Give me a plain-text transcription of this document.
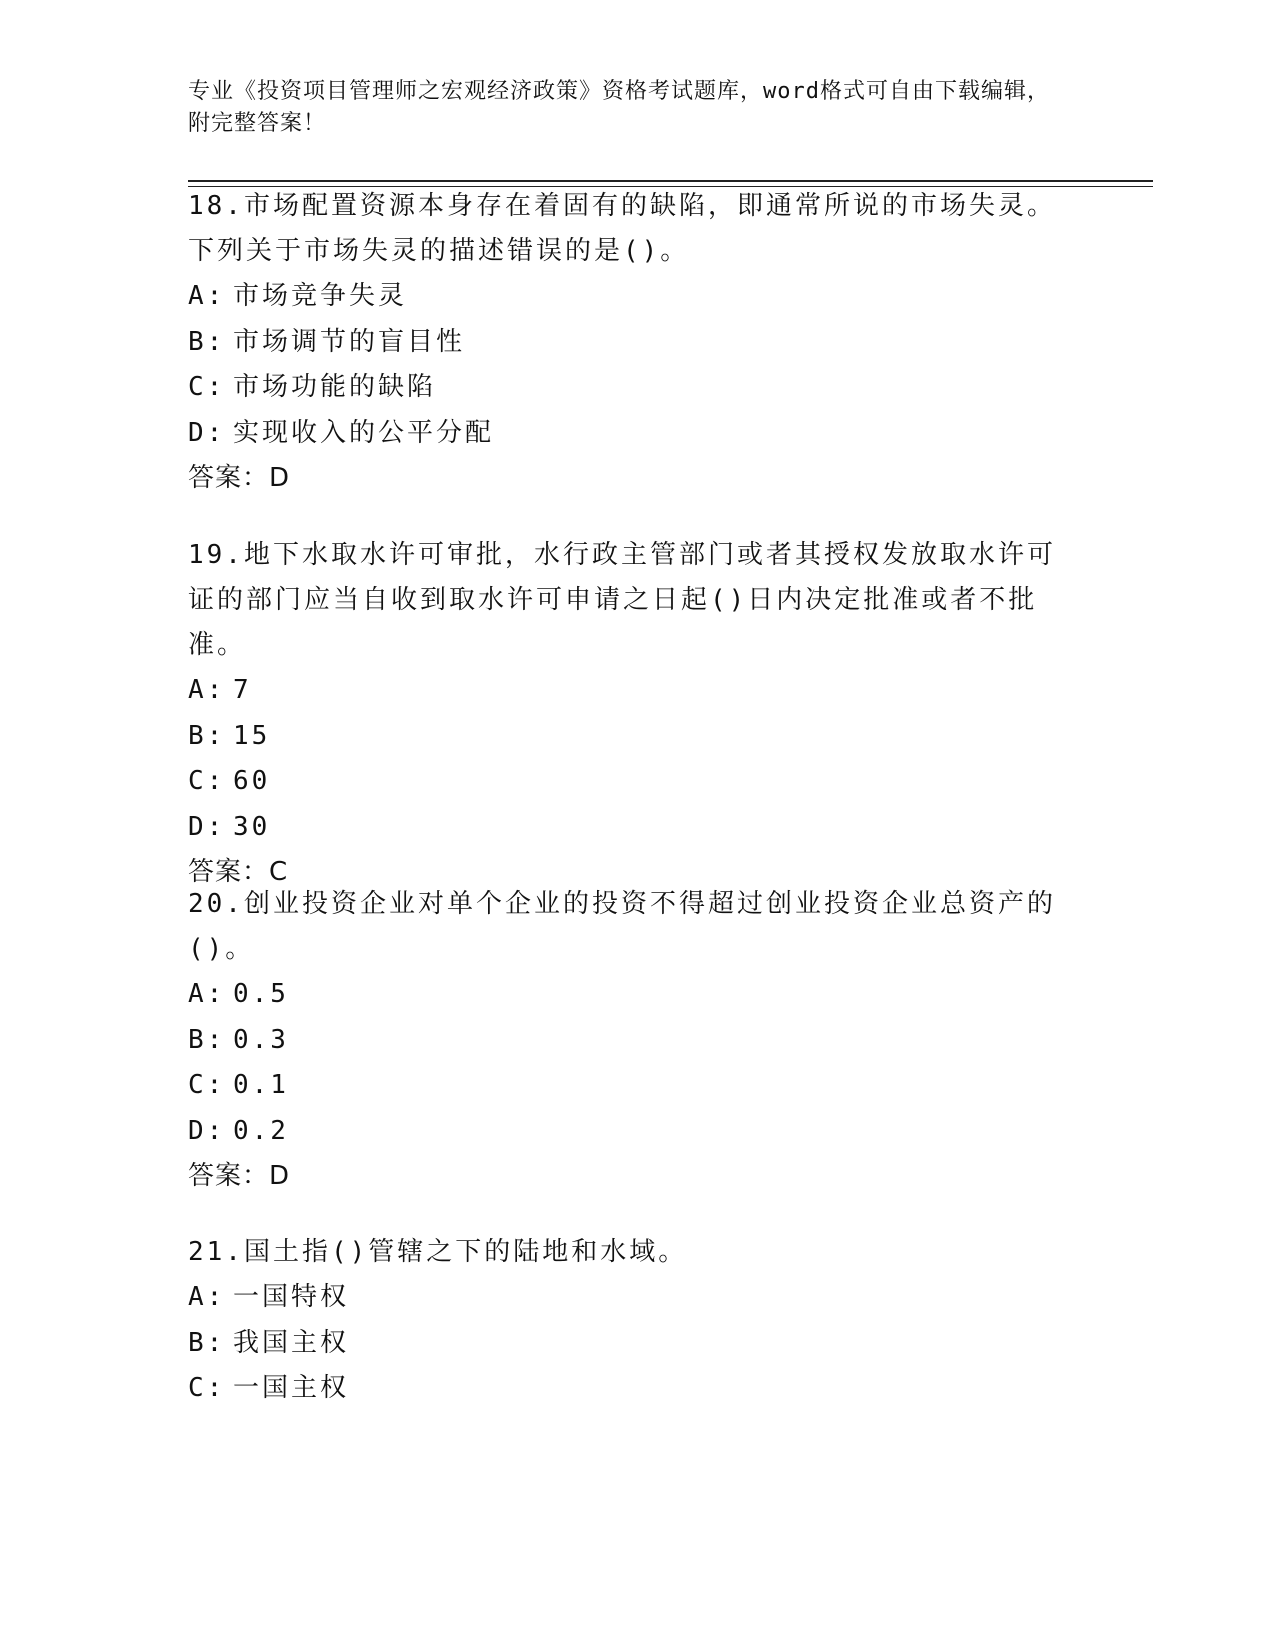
专业《投资项目管理师之宏观经济政策》资格考试题库，word格式可自由下载编辑，附完整答案！
18.市场配置资源本身存在着固有的缺陷，即通常所说的市场失灵。下列关于市场失灵的描述错误的是()。
A: 市场竞争失灵
B: 市场调节的盲目性
C: 市场功能的缺陷
D: 实现收入的公平分配
答案：D
19.地下水取水许可审批，水行政主管部门或者其授权发放取水许可证的部门应当自收到取水许可申请之日起()日内决定批准或者不批准。
A: 7
B: 15
C: 60
D: 30
答案：C
20.创业投资企业对单个企业的投资不得超过创业投资企业总资产的()。
A: 0.5
B: 0.3
C: 0.1
D: 0.2
答案：D
21.国土指()管辖之下的陆地和水域。
A: 一国特权
B: 我国主权
C: 一国主权
